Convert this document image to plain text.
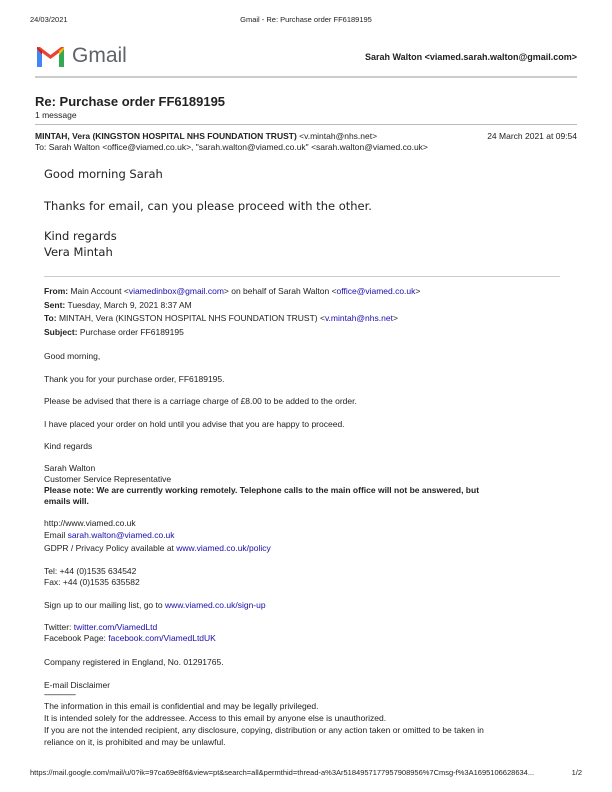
24/03/2021	Gmail - Re: Purchase order FF6189195
Gmail	Sarah Walton <viamed.sarah.walton@gmail.com>
Re: Purchase order FF6189195
1 message
MINTAH, Vera (KINGSTON HOSPITAL NHS FOUNDATION TRUST) <v.mintah@nhs.net>	24 March 2021 at 09:54
To: Sarah Walton <office@viamed.co.uk>, "sarah.walton@viamed.co.uk" <sarah.walton@viamed.co.uk>
Good morning Sarah
Thanks for email, can you please proceed with the other.
Kind regards
Vera Mintah
From: Main Account <viamedinbox@gmail.com> on behalf of Sarah Walton <office@viamed.co.uk>
Sent: Tuesday, March 9, 2021 8:37 AM
To: MINTAH, Vera (KINGSTON HOSPITAL NHS FOUNDATION TRUST) <v.mintah@nhs.net>
Subject: Purchase order FF6189195
Good morning,
Thank you for your purchase order, FF6189195.
Please be advised that there is a carriage charge of £8.00 to be added to the order.
I have placed your order on hold until you advise that you are happy to proceed.
Kind regards
Sarah Walton
Customer Service Representative
Please note: We are currently working remotely. Telephone calls to the main office will not be answered, but
emails will.
http://www.viamed.co.uk
Email sarah.walton@viamed.co.uk
GDPR / Privacy Policy available at www.viamed.co.uk/policy
Tel: +44 (0)1535 634542
Fax: +44 (0)1535 635582
Sign up to our mailing list, go to www.viamed.co.uk/sign-up
Twitter: twitter.com/ViamedLtd
Facebook Page: facebook.com/ViamedLtdUK
Company registered in England, No. 01291765.
E-mail Disclaimer
-----------------
The information in this email is confidential and may be legally privileged.
It is intended solely for the addressee. Access to this email by anyone else is unauthorized.
If you are not the intended recipient, any disclosure, copying, distribution or any action taken or omitted to be taken in
reliance on it, is prohibited and may be unlawful.
https://mail.google.com/mail/u/0?ik=97ca69e8f6&view=pt&search=all&permthid=thread-a%3Ar5184957177957908956%7Cmsg-f%3A1695106628634...	1/2
